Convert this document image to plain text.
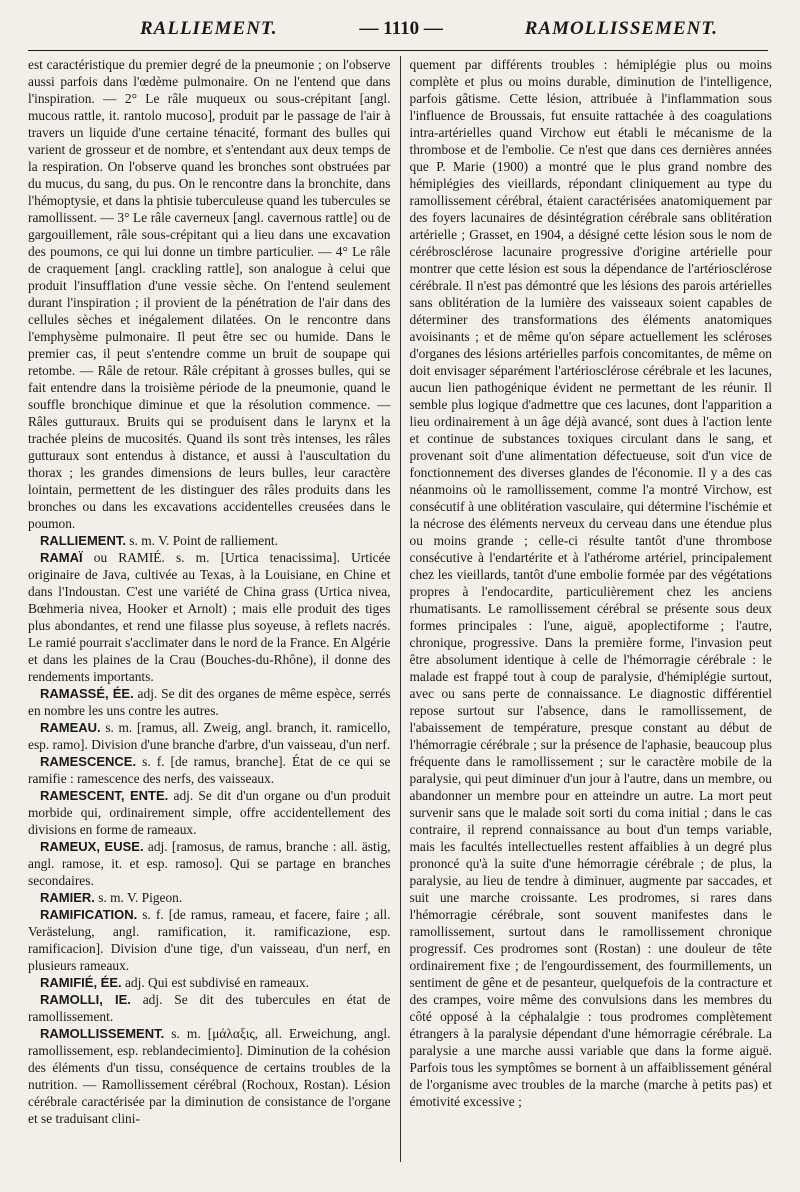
RALLIEMENT.	— 1110 —	RAMOLLISSEMENT.

est caractéristique du premier degré de la pneumonie ; on l'observe aussi parfois dans l'œdème pulmonaire. On ne l'entend que dans l'inspiration. — 2° Le râle muqueux ou sous-crépitant [angl. mucous rattle, it. rantolo mucoso], produit par le passage de l'air à travers un liquide d'une certaine ténacité, formant des bulles qui varient de grosseur et de nombre, et s'entendant aux deux temps de la respiration. On l'observe quand les bronches sont obstruées par du mucus, du sang, du pus. On le rencontre dans la bronchite, dans l'hémoptysie, et dans la phtisie tuberculeuse quand les tubercules se ramollissent. — 3° Le râle caverneux [angl. cavernous rattle] ou de gargouillement, râle sous-crépitant qui a lieu dans une excavation des poumons, ce qui lui donne un timbre particulier. — 4° Le râle de craquement [angl. crackling rattle], son analogue à celui que produit l'insufflation d'une vessie sèche. On l'entend seulement durant l'inspiration ; il provient de la pénétration de l'air dans des cellules sèches et inégalement dilatées. On le rencontre dans l'emphysème pulmonaire. Il peut être sec ou humide. Dans le premier cas, il peut s'entendre comme un bruit de soupape qui retombe. — Râle de retour. Râle crépitant à grosses bulles, qui se fait entendre dans la troisième période de la pneumonie, quand le souffle bronchique diminue et que la résolution commence. — Râles gutturaux. Bruits qui se produisent dans le larynx et la trachée pleins de mucosités. Quand ils sont très intenses, les râles gutturaux sont entendus à distance, et aussi à l'auscultation du thorax ; les grandes dimensions de leurs bulles, leur caractère lointain, permettent de les distinguer des râles produits dans les bronches ou dans les excavations accidentelles creusées dans le poumon.

RALLIEMENT. s. m. V. Point de ralliement.

RAMAÏ ou RAMIÉ. s. m. [Urtica tenacissima]. Urticée originaire de Java, cultivée au Texas, à la Louisiane, en Chine et dans l'Indoustan. C'est une variété de China grass (Urtica nivea, Bœhmeria nivea, Hooker et Arnolt) ; mais elle produit des tiges plus abondantes, et rend une filasse plus soyeuse, à reflets nacrés. Le ramié pourrait s'acclimater dans le nord de la France. En Algérie et dans les plaines de la Crau (Bouches-du-Rhône), il donne des rendements importants.

RAMASSÉ, ÉE. adj. Se dit des organes de même espèce, serrés en nombre les uns contre les autres.

RAMEAU. s. m. [ramus, all. Zweig, angl. branch, it. ramicello, esp. ramo]. Division d'une branche d'arbre, d'un vaisseau, d'un nerf.

RAMESCENCE. s. f. [de ramus, branche]. État de ce qui se ramifie : ramescence des nerfs, des vaisseaux.

RAMESCENT, ENTE. adj. Se dit d'un organe ou d'un produit morbide qui, ordinairement simple, offre accidentellement des divisions en forme de rameaux.

RAMEUX, EUSE. adj. [ramosus, de ramus, branche : all. ästig, angl. ramose, it. et esp. ramoso]. Qui se partage en branches secondaires.

RAMIER. s. m. V. Pigeon.

RAMIFICATION. s. f. [de ramus, rameau, et facere, faire ; all. Verästelung, angl. ramification, it. ramificazione, esp. ramificacion]. Division d'une tige, d'un vaisseau, d'un nerf, en plusieurs rameaux.

RAMIFIÉ, ÉE. adj. Qui est subdivisé en rameaux.

RAMOLLI, IE. adj. Se dit des tubercules en état de ramollissement.

RAMOLLISSEMENT. s. m. [μάλαξις, all. Erweichung, angl. ramollissement, esp. reblandecimiento]. Diminution de la cohésion des éléments d'un tissu, conséquence de certains troubles de la nutrition. — Ramollissement cérébral (Rochoux, Rostan). Lésion cérébrale caractérisée par la diminution de consistance de l'organe et se traduisant clini-

quement par différents troubles : hémiplégie plus ou moins complète et plus ou moins durable, diminution de l'intelligence, parfois gâtisme. Cette lésion, attribuée à l'inflammation sous l'influence de Broussais, fut ensuite rattachée à des coagulations intra-artérielles quand Virchow eut établi le mécanisme de la thrombose et de l'embolie. Ce n'est que dans ces dernières années que P. Marie (1900) a montré que le plus grand nombre des hémiplégies des vieillards, répondant cliniquement au type du ramollissement cérébral, étaient caractérisées anatomiquement par des foyers lacunaires de désintégration cérébrale sans oblitération artérielle ; Grasset, en 1904, a désigné cette lésion sous le nom de cérébrosclérose lacunaire progressive d'origine artérielle pour montrer que cette lésion est sous la dépendance de l'artériosclérose cérébrale. Il n'est pas démontré que les lésions des parois artérielles sans oblitération de la lumière des vaisseaux soient capables de déterminer des transformations des éléments anatomiques avoisinants ; et de même qu'on sépare actuellement les scléroses d'organes des lésions artérielles parfois concomitantes, de même on doit envisager séparément l'artériosclérose cérébrale et les lacunes, aucun lien pathogénique évident ne permettant de les réunir. Il semble plus logique d'admettre que ces lacunes, dont l'apparition a lieu ordinairement à un âge déjà avancé, sont dues à l'action lente et continue de substances toxiques circulant dans le sang, et provenant soit d'une alimentation défectueuse, soit d'un vice de fonctionnement des diverses glandes de l'économie. Il y a des cas néanmoins où le ramollissement, comme l'a montré Virchow, est consécutif à une oblitération vasculaire, qui détermine l'ischémie et la nécrose des éléments nerveux du cerveau dans une étendue plus ou moins grande ; celle-ci résulte tantôt d'une thrombose consécutive à l'endartérite et à l'athérome artériel, principalement chez les vieillards, tantôt d'une embolie formée par des végétations propres à l'endocardite, particulièrement chez les anciens rhumatisants. Le ramollissement cérébral se présente sous deux formes principales : l'une, aiguë, apoplectiforme ; l'autre, chronique, progressive. Dans la première forme, l'invasion peut être absolument identique à celle de l'hémorragie cérébrale : le malade est frappé tout à coup de paralysie, d'hémiplégie surtout, avec ou sans perte de connaissance. Le diagnostic différentiel repose surtout sur l'absence, dans le ramollissement, de l'abaissement de température, presque constant au début de l'hémorragie cérébrale ; sur la présence de l'aphasie, beaucoup plus fréquente dans le ramollissement ; sur le caractère mobile de la paralysie, qui peut diminuer d'un jour à l'autre, dans un membre, ou abandonner un membre pour en atteindre un autre. La mort peut survenir sans que le malade soit sorti du coma initial ; dans le cas contraire, il reprend connaissance au bout d'un temps variable, mais les facultés intellectuelles restent affaiblies à un degré plus prononcé qu'à la suite d'une hémorragie cérébrale ; de plus, la paralysie, au lieu de tendre à diminuer, augmente par saccades, et suit une marche croissante. Les prodromes, si rares dans l'hémorragie cérébrale, sont souvent manifestes dans le ramollissement, surtout dans le ramollissement chronique progressif. Ces prodromes sont (Rostan) : une douleur de tête ordinairement fixe ; de l'engourdissement, des fourmillements, un sentiment de gêne et de pesanteur, quelquefois de la contracture et des crampes, voire même des convulsions dans les membres du côté opposé à la céphalalgie : tous prodromes complètement étrangers à la paralysie dépendant d'une hémorragie cérébrale. La paralysie a une marche aussi variable que dans la forme aiguë. Parfois tous les symptômes se bornent à un affaiblissement général de l'organisme avec troubles de la marche (marche à petits pas) et émotivité excessive ;
